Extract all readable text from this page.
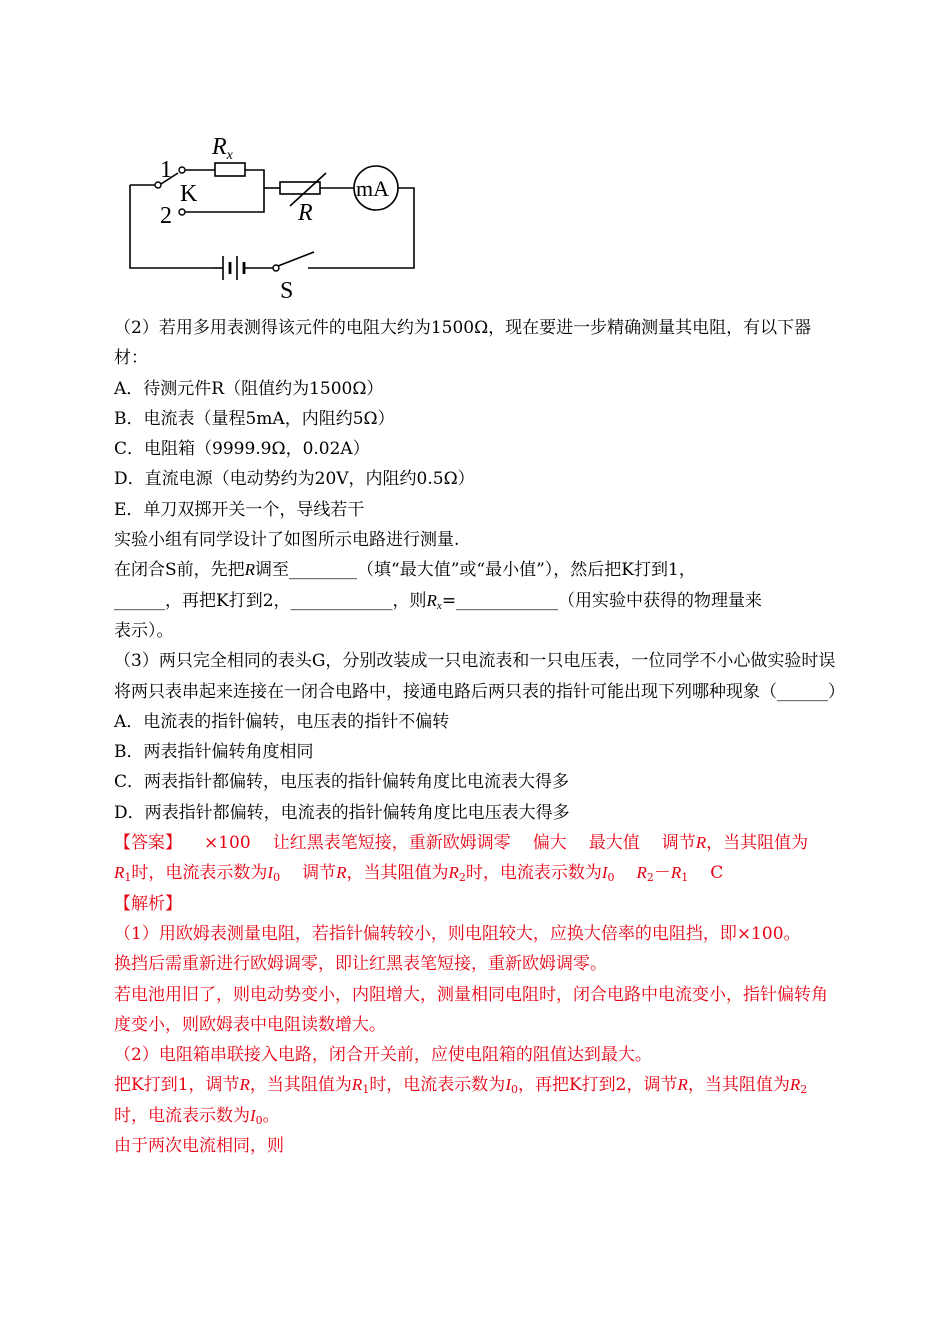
$R_x$
1
K
2	R
mA
S
（2）若用多用表测得该元件的电阻大约为1500Ω，现在要进一步精确测量其电阻，有以下器材：
A．待测元件R（阻值约为1500Ω）
B．电流表（量程5mA，内阻约5Ω）
C．电阻箱（9999.9Ω，0.02A）
D．直流电源（电动势约为20V，内阻约0.5Ω）
E．单刀双掷开关一个，导线若干
实验小组有同学设计了如图所示电路进行测量.
在闭合S前，先把R调至________（填“最大值”或“最小值”），然后把K打到1，
______，再把K打到2，____________，则$R_x=\_\_\_\_\_\_\_\_\_\_\_\_$（用实验中获得的物理量来
表示）。
（3）两只完全相同的表头G，分别改装成一只电流表和一只电压表，一位同学不小心做实验时误将两只表串起来连接在一闭合电路中，接通电路后两只表的指针可能出现下列哪种现象（______）
A．电流表的指针偏转，电压表的指针不偏转
B．两表指针偏转角度相同
C．两表指针都偏转，电压表的指针偏转角度比电流表大得多
D．两表指针都偏转，电流表的指针偏转角度比电压表大得多
【答案】 ×100 让红黑表笔短接，重新欧姆调零 偏大 最大值 调节R，当其阻值为
$R_1$时，电流表示数为$I_0$ 调节R，当其阻值为$R_2$时，电流表示数为$I_0$ $R_2-R_1$ C
【解析】
（1）用欧姆表测量电阻，若指针偏转较小，则电阻较大，应换大倍率的电阻挡，即×100。
换挡后需重新进行欧姆调零，即让红黑表笔短接，重新欧姆调零。
若电池用旧了，则电动势变小，内阻增大，测量相同电阻时，闭合电路中电流变小，指针偏转角度变小，则欧姆表中电阻读数增大。
（2）电阻箱串联接入电路，闭合开关前，应使电阻箱的阻值达到最大。
把K打到1，调节R，当其阻值为$R_1$时，电流表示数为$I_0$，再把K打到2，调节R，当其阻值为$R_2$时，电流表示数为$I_0$。
由于两次电流相同，则
